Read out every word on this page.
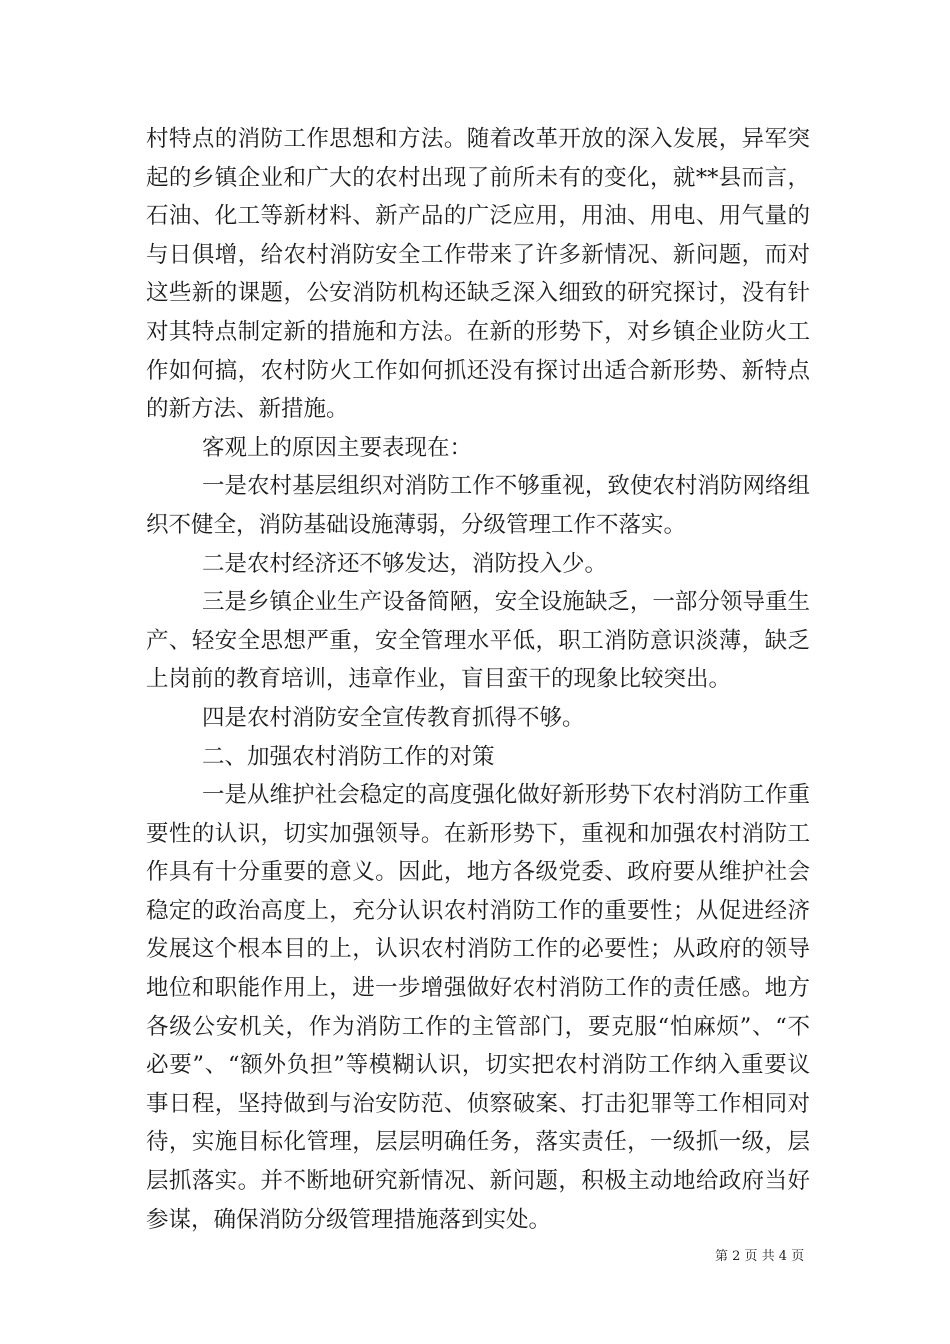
村特点的消防工作思想和方法。随着改革开放的深入发展，异军突起的乡镇企业和广大的农村出现了前所未有的变化，就**县而言，石油、化工等新材料、新产品的广泛应用，用油、用电、用气量的与日俱增，给农村消防安全工作带来了许多新情况、新问题，而对这些新的课题，公安消防机构还缺乏深入细致的研究探讨，没有针对其特点制定新的措施和方法。在新的形势下，对乡镇企业防火工作如何搞，农村防火工作如何抓还没有探讨出适合新形势、新特点的新方法、新措施。

客观上的原因主要表现在：

一是农村基层组织对消防工作不够重视，致使农村消防网络组织不健全，消防基础设施薄弱，分级管理工作不落实。

二是农村经济还不够发达，消防投入少。

三是乡镇企业生产设备简陋，安全设施缺乏，一部分领导重生产、轻安全思想严重，安全管理水平低，职工消防意识淡薄，缺乏上岗前的教育培训，违章作业，盲目蛮干的现象比较突出。

四是农村消防安全宣传教育抓得不够。

二、加强农村消防工作的对策

一是从维护社会稳定的高度强化做好新形势下农村消防工作重要性的认识，切实加强领导。在新形势下，重视和加强农村消防工作具有十分重要的意义。因此，地方各级党委、政府要从维护社会稳定的政治高度上，充分认识农村消防工作的重要性；从促进经济发展这个根本目的上，认识农村消防工作的必要性；从政府的领导地位和职能作用上，进一步增强做好农村消防工作的责任感。地方各级公安机关，作为消防工作的主管部门，要克服“怕麻烦”、“不必要”、“额外负担”等模糊认识，切实把农村消防工作纳入重要议事日程，坚持做到与治安防范、侦察破案、打击犯罪等工作相同对待，实施目标化管理，层层明确任务，落实责任，一级抓一级，层层抓落实。并不断地研究新情况、新问题，积极主动地给政府当好参谋，确保消防分级管理措施落到实处。

第 2 页 共 4 页
